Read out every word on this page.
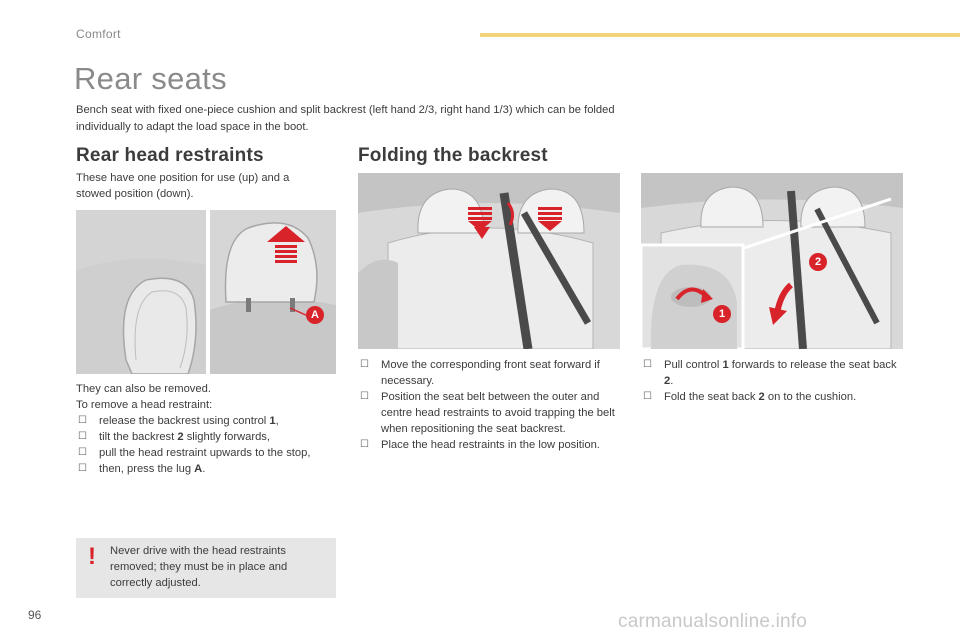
Comfort
Rear seats

Bench seat with fixed one-piece cushion and split backrest (left hand 2/3, right hand 1/3) which can be folded individually to adapt the load space in the boot.

Rear head restraints

These have one position for use (up) and a stowed position (down).

A
They can also be removed.
To remove a head restraint:
☐ release the backrest using control 1,
☐ tilt the backrest 2 slightly forwards,
☐ pull the head restraint upwards to the stop,
☐ then, press the lug A.
! Never drive with the head restraints removed; they must be in place and correctly adjusted.
Folding the backrest
1
2
☐ Move the corresponding front seat forward if necessary.
☐ Position the seat belt between the outer and centre head restraints to avoid trapping the belt when repositioning the seat backrest.
☐ Place the head restraints in the low position.
☐ Pull control 1 forwards to release the seat back 2.
☐ Fold the seat back 2 on to the cushion.
96	carmanualsonline.info
